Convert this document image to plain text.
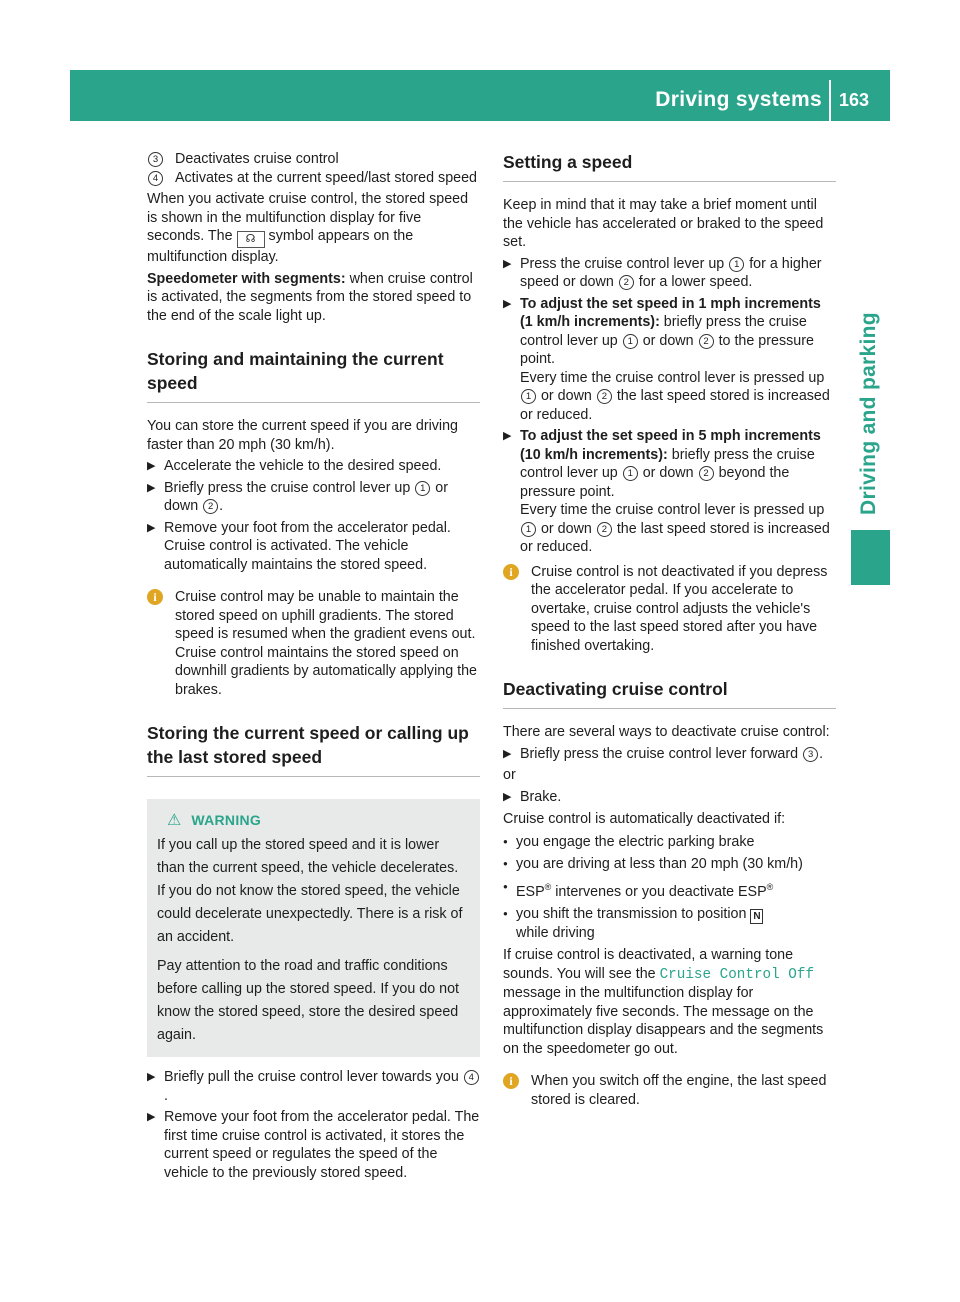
Driving systems 163
Driving and parking
3	Deactivates cruise control
4	Activates at the current speed/last stored speed

When you activate cruise control, the stored speed is shown in the multifunction display for five seconds. The ☊ symbol appears on the multifunction display.

Speedometer with segments: when cruise control is activated, the segments from the stored speed to the end of the scale light up.

Storing and maintaining the current speed

You can store the current speed if you are driving faster than 20 mph (30 km/h).

▶ Accelerate the vehicle to the desired speed.
▶ Briefly press the cruise control lever up 1 or down 2 .
▶ Remove your foot from the accelerator pedal. Cruise control is activated. The vehicle automatically maintains the stored speed.
i	Cruise control may be unable to maintain the stored speed on uphill gradients. The stored speed is resumed when the gradient evens out. Cruise control maintains the stored speed on downhill gradients by automatically applying the brakes.
Storing the current speed or calling up the last stored speed
⚠ WARNING

If you call up the stored speed and it is lower than the current speed, the vehicle decelerates. If you do not know the stored speed, the vehicle could decelerate unexpectedly. There is a risk of an accident.

Pay attention to the road and traffic conditions before calling up the stored speed. If you do not know the stored speed, store the desired speed again.

▶ Briefly pull the cruise control lever towards you 4.
▶ Remove your foot from the accelerator pedal. The first time cruise control is activated, it stores the current speed or regulates the speed of the vehicle to the previously stored speed.
Setting a speed

Keep in mind that it may take a brief moment until the vehicle has accelerated or braked to the speed set.

▶ Press the cruise control lever up 1 for a higher speed or down 2 for a lower speed.
▶ To adjust the set speed in 1 mph increments (1 km/h increments): briefly press the cruise control lever up 1 or down 2 to the pressure point.
Every time the cruise control lever is pressed up 1 or down 2 the last speed stored is increased or reduced.
▶ To adjust the set speed in 5 mph increments (10 km/h increments): briefly press the cruise control lever up 1 or down 2 beyond the pressure point.
Every time the cruise control lever is pressed up 1 or down 2 the last speed stored is increased or reduced.
i	Cruise control is not deactivated if you depress the accelerator pedal. If you accelerate to overtake, cruise control adjusts the vehicle's speed to the last speed stored after you have finished overtaking.
Deactivating cruise control

There are several ways to deactivate cruise control:

▶ Briefly press the cruise control lever forward 3 .

or

▶ Brake.

Cruise control is automatically deactivated if:

● you engage the electric parking brake
● you are driving at less than 20 mph (30 km/h)
● ESP® intervenes or you deactivate ESP®
● you shift the transmission to position N
while driving

If cruise control is deactivated, a warning tone sounds. You will see the Cruise Control Off message in the multifunction display for approximately five seconds. The message on the multifunction display disappears and the segments on the speedometer go out.

i	When you switch off the engine, the last speed stored is cleared.
